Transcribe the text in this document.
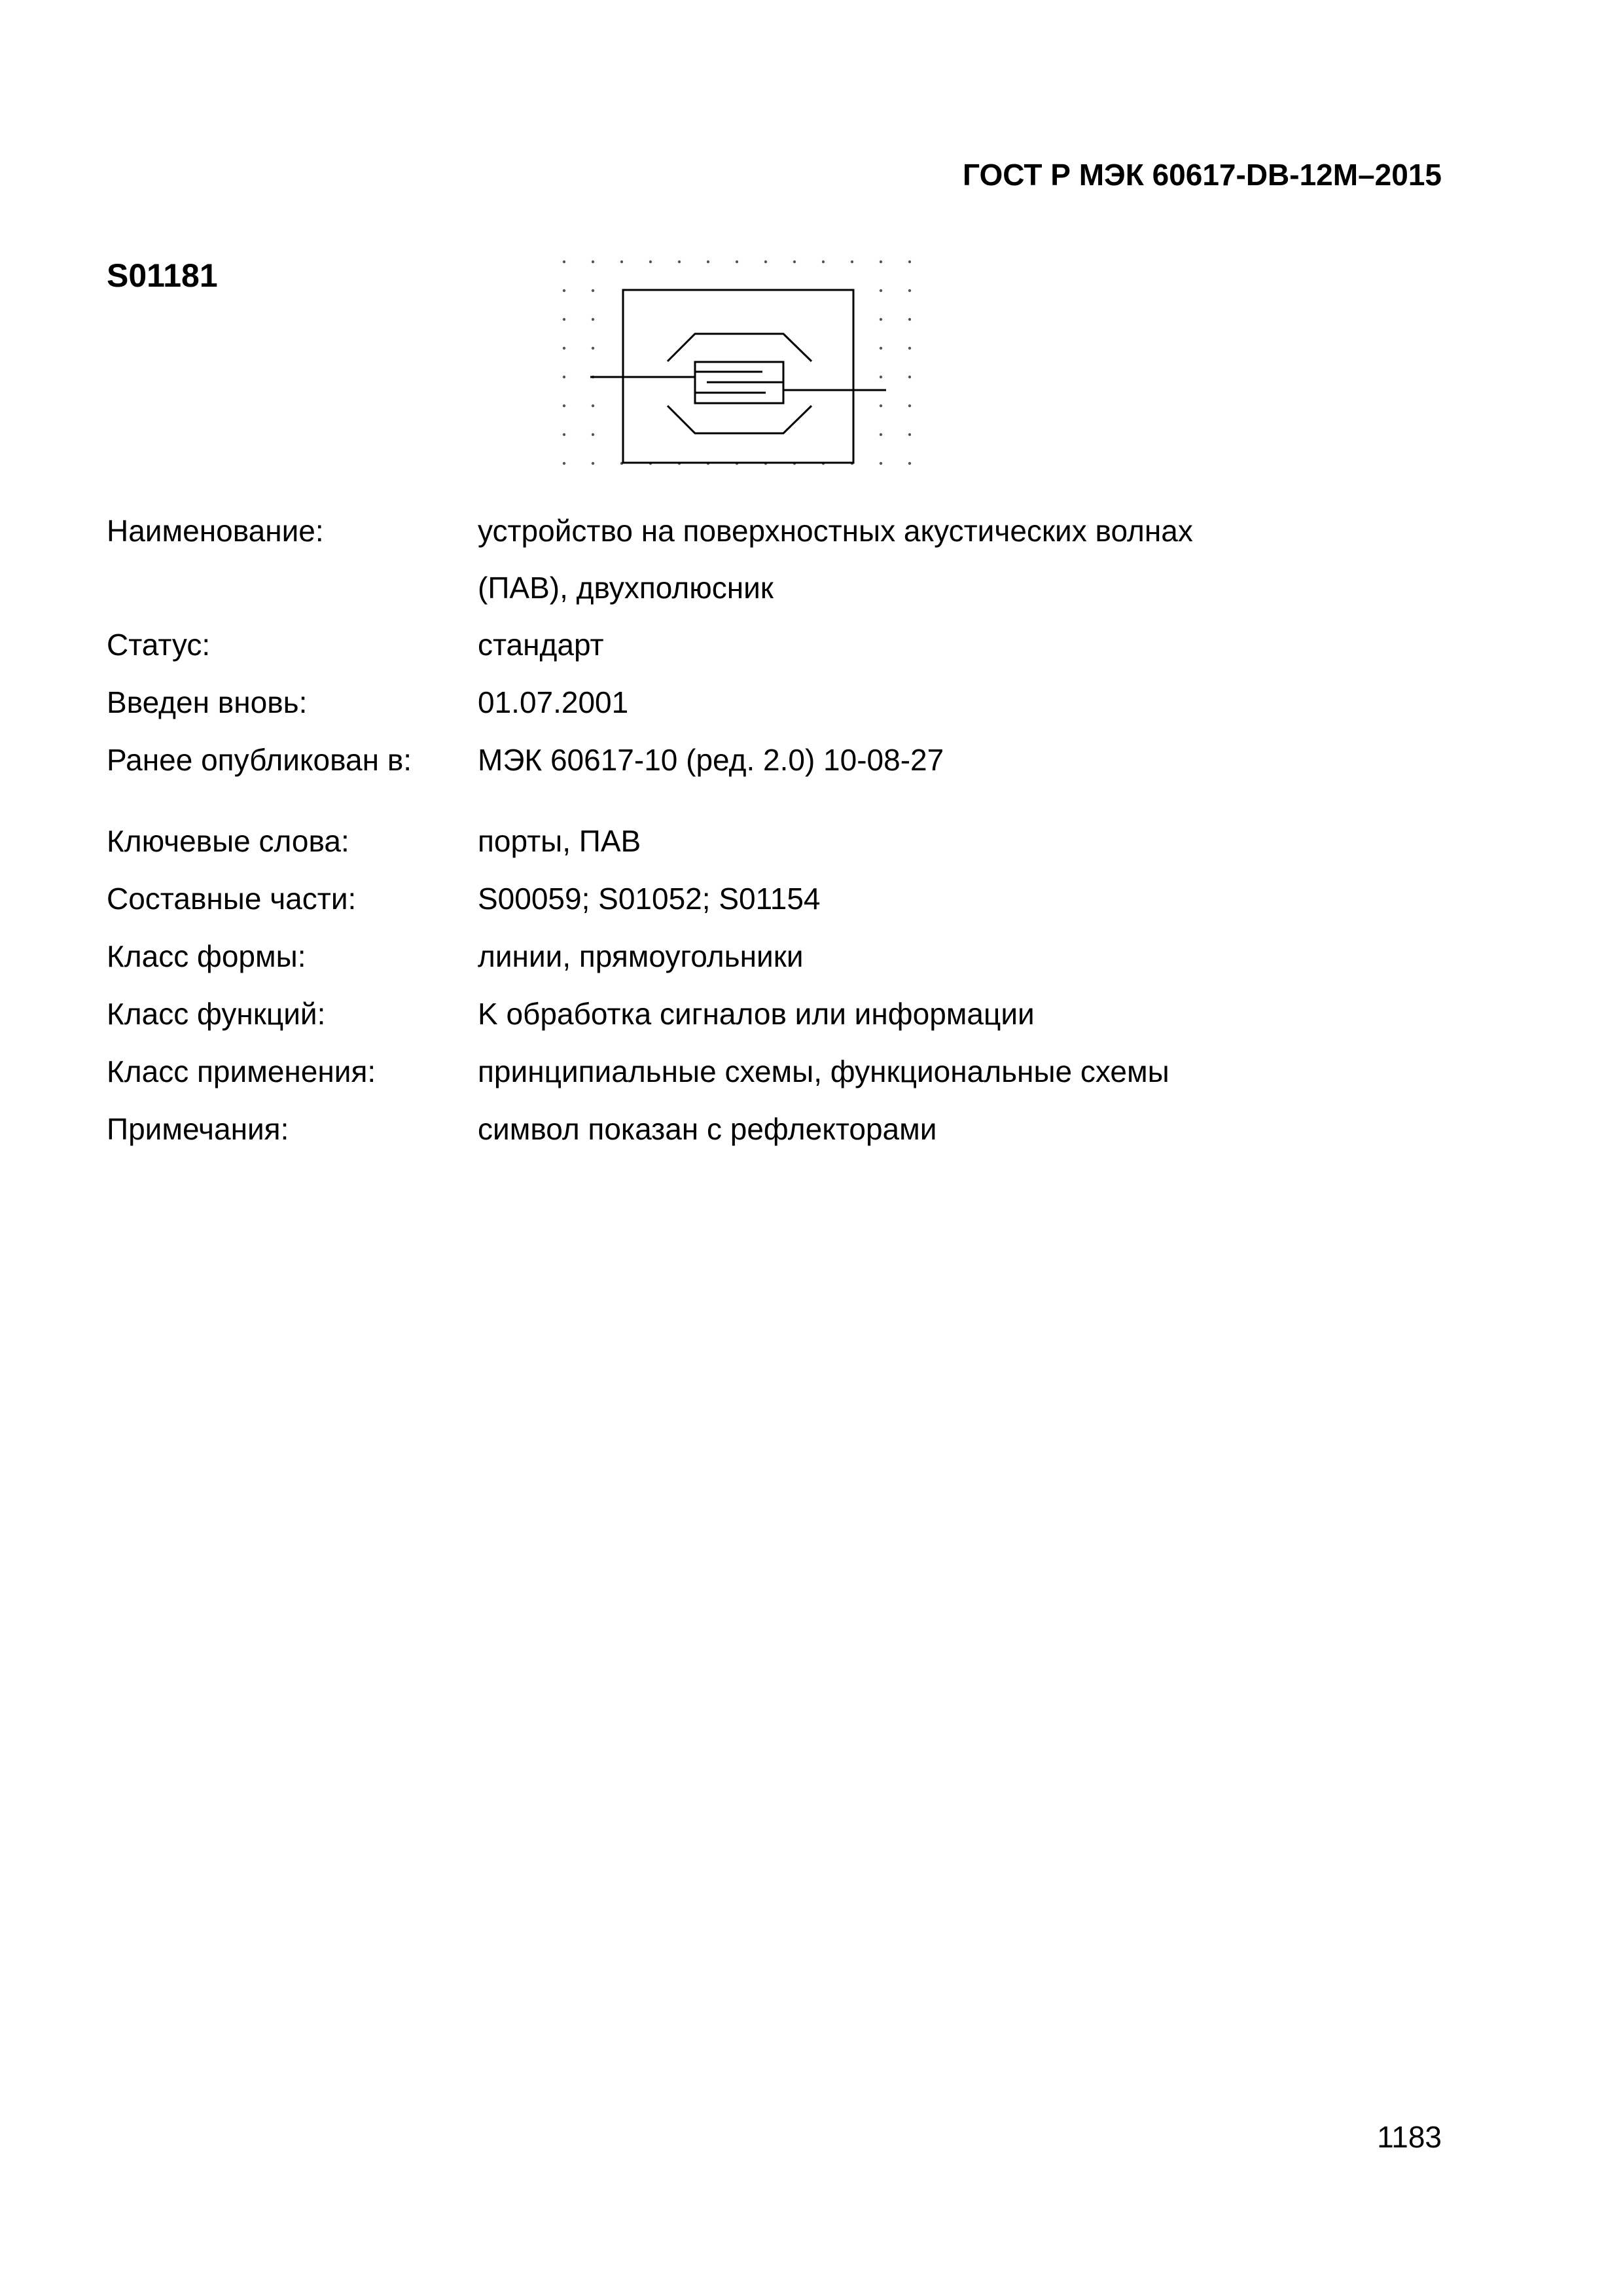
ГОСТ Р МЭК 60617-DB-12M–2015
S01181
Наименование:	устройство на поверхностных акустических волнах (ПАВ), двухполюсник
Статус:	стандарт
Введен вновь:	01.07.2001
Ранее опубликован в: МЭК 60617-10 (ред. 2.0) 10-08-27
Ключевые слова:	порты, ПАВ
Составные части:	S00059; S01052; S01154
Класс формы:	линии, прямоугольники
Класс функций:	K обработка сигналов или информации
Класс применения:	принципиальные схемы, функциональные схемы
Примечания:	символ показан с рефлекторами
1183
